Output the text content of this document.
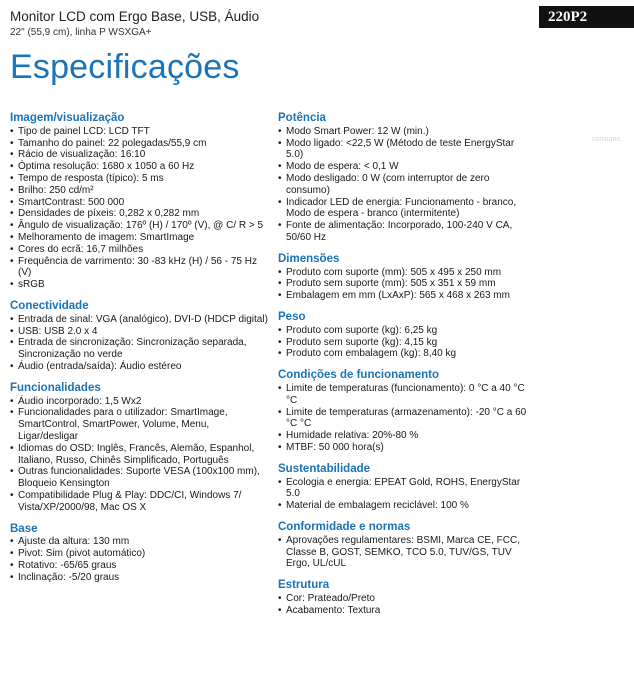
Monitor LCD com Ergo Base, USB, Áudio
22" (55,9 cm), linha P WSXGA+
220P2
Especificações
Imagem/visualização
• Tipo de painel LCD: LCD TFT
• Tamanho do painel: 22 polegadas/55,9 cm
• Rácio de visualização: 16:10
• Óptima resolução: 1680 x 1050 a 60 Hz
• Tempo de resposta (típico): 5 ms
• Brilho: 250 cd/m²
• SmartContrast: 500 000
• Densidades de píxeis: 0,282 x 0,282 mm
• Ângulo de visualização: 176º (H) / 170º (V), @ C/ R > 5
• Melhoramento de imagem: SmartImage
• Cores do ecrã: 16,7 milhões
• Frequência de varrimento: 30 -83 kHz (H) / 56 - 75 Hz (V)
• sRGB
Conectividade
• Entrada de sinal: VGA (analógico), DVI-D (HDCP digital)
• USB: USB 2.0 x 4
• Entrada de sincronização: Sincronização separada, Sincronização no verde
• Áudio (entrada/saída): Áudio estéreo
Funcionalidades
• Áudio incorporado: 1,5 Wx2
• Funcionalidades para o utilizador: SmartImage, SmartControl, SmartPower, Volume, Menu, Ligar/desligar
• Idiomas do OSD: Inglês, Francês, Alemão, Espanhol, Italiano, Russo, Chinês Simplificado, Português
• Outras funcionalidades: Suporte VESA (100x100 mm), Bloqueio Kensington
• Compatibilidade Plug & Play: DDC/CI, Windows 7/ Vista/XP/2000/98, Mac OS X
Base
• Ajuste da altura: 130 mm
• Pivot: Sim (pivot automático)
• Rotativo: -65/65 graus
• Inclinação: -5/20 graus
Potência
• Modo Smart Power: 12 W (min.)
• Modo ligado: <22,5 W (Método de teste EnergyStar 5.0)
• Modo de espera: < 0,1 W
• Modo desligado: 0 W (com interruptor de zero consumo)
• Indicador LED de energia: Funcionamento - branco, Modo de espera - branco (intermitente)
• Fonte de alimentação: Incorporado, 100-240 V CA, 50/60 Hz
Dimensões
• Produto com suporte (mm): 505 x 495 x 250 mm
• Produto sem suporte (mm): 505 x 351 x 59 mm
• Embalagem em mm (LxAxP): 565 x 468 x 263 mm
Peso
• Produto com suporte (kg): 6,25 kg
• Produto sem suporte (kg): 4,15 kg
• Produto com embalagem (kg): 8,40 kg
Condições de funcionamento
• Limite de temperaturas (funcionamento): 0 °C a 40 °C °C
• Limite de temperaturas (armazenamento): -20 °C a 60 °C °C
• Humidade relativa: 20%-80 %
• MTBF: 50 000 hora(s)
Sustentabilidade
• Ecologia e energia: EPEAT Gold, ROHS, EnergyStar 5.0
• Material de embalagem reciclável: 100 %
Conformidade e normas
• Aprovações regulamentares: BSMI, Marca CE, FCC, Classe B, GOST, SEMKO, TCO 5.0, TUV/GS, TUV Ergo, UL/cUL
Estrutura
• Cor: Prateado/Preto
• Acabamento: Textura
consumo
